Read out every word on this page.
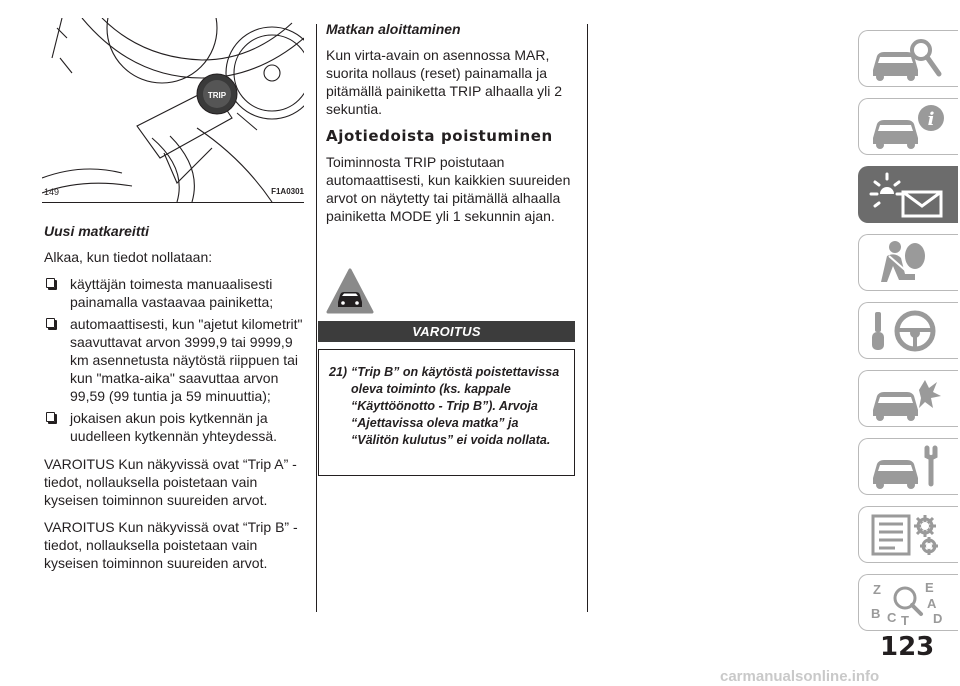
TRIP
149	F1A0301
Uusi matkareitti

Alkaa, kun tiedot nollataan:

käyttäjän toimesta manuaalisesti painamalla vastaavaa painiketta;
automaattisesti, kun "ajetut kilometrit" saavuttavat arvon 3999,9 tai 9999,9 km asennetusta näytöstä riippuen tai kun "matka-aika" saavuttaa arvon 99,59 (99 tuntia ja 59 minuuttia);
jokaisen akun pois kytkennän ja uudelleen kytkennän yhteydessä.

VAROITUS Kun näkyvissä ovat “Trip A” -tiedot, nollauksella poistetaan vain kyseisen toiminnon suureiden arvot.

VAROITUS Kun näkyvissä ovat “Trip B” -tiedot, nollauksella poistetaan vain kyseisen toiminnon suureiden arvot.

Matkan aloittaminen

Kun virta-avain on asennossa MAR, suorita nollaus (reset) painamalla ja pitämällä painiketta TRIP alhaalla yli 2 sekuntia.

Ajotiedoista poistuminen

Toiminnosta TRIP poistutaan automaattisesti, kun kaikkien suureiden arvot on näytetty tai pitämällä alhaalla painiketta MODE yli 1 sekunnin ajan.

VAROITUS
21) “Trip B” on käytöstä poistettavissa oleva toiminto (ks. kappale “Käyttöönotto - Trip B”). Arvoja “Ajettavissa oleva matka” ja “Välitön kulutus” ei voida nollata.
i
Z	E
A
B C T D
123
carmanualsonline.info
